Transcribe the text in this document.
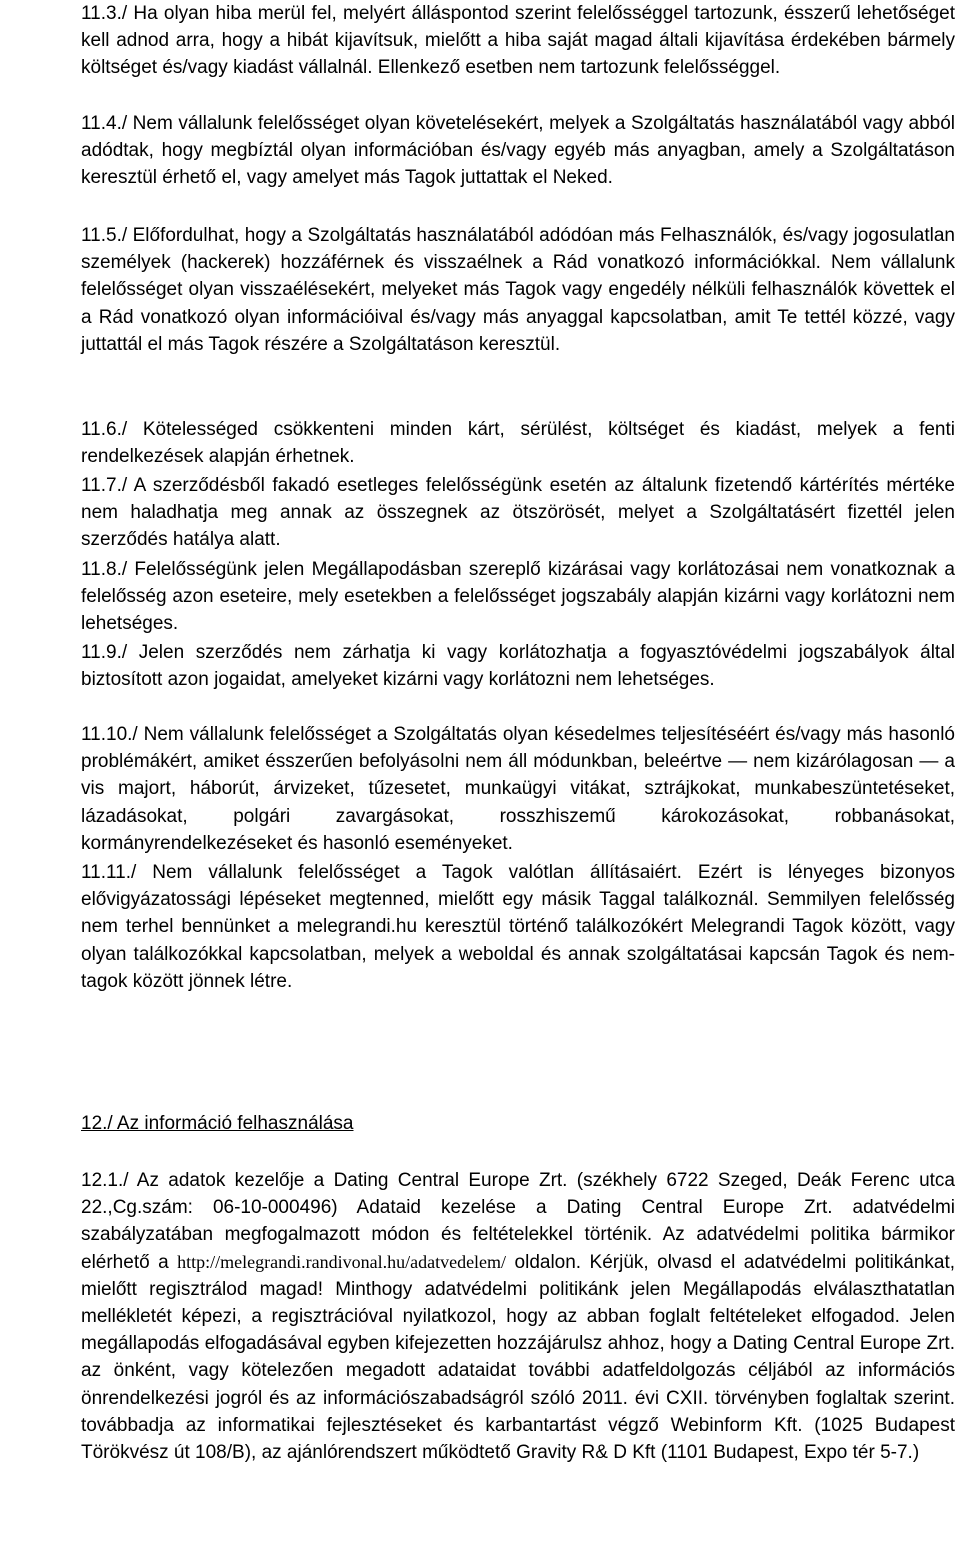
11.3./ Ha olyan hiba merül fel, melyért álláspontod szerint felelősséggel tartozunk, ésszerű lehetőséget kell adnod arra, hogy a hibát kijavítsuk, mielőtt a hiba saját magad általi kijavítása érdekében bármely költséget és/vagy kiadást vállalnál. Ellenkező esetben nem tartozunk felelősséggel.

11.4./ Nem vállalunk felelősséget olyan követelésekért, melyek a Szolgáltatás használatából vagy abból adódtak, hogy megbíztál olyan információban és/vagy egyéb más anyagban, amely a Szolgáltatáson keresztül érhető el, vagy amelyet más Tagok juttattak el Neked.

11.5./ Előfordulhat, hogy a Szolgáltatás használatából adódóan más Felhasználók, és/vagy jogosulatlan személyek (hackerek) hozzáférnek és visszaélnek a Rád vonatkozó információkkal. Nem vállalunk felelősséget olyan visszaélésekért, melyeket más Tagok vagy engedély nélküli felhasználók követtek el a Rád vonatkozó olyan információival és/vagy más anyaggal kapcsolatban, amit Te tettél közzé, vagy juttattál el más Tagok részére a Szolgáltatáson keresztül.

11.6./ Kötelességed csökkenteni minden kárt, sérülést, költséget és kiadást, melyek a fenti rendelkezések alapján érhetnek.

11.7./ A szerződésből fakadó esetleges felelősségünk esetén az általunk fizetendő kártérítés mértéke nem haladhatja meg annak az összegnek az ötszörösét, melyet a Szolgáltatásért fizettél jelen szerződés hatálya alatt.

11.8./ Felelősségünk jelen Megállapodásban szereplő kizárásai vagy korlátozásai nem vonatkoznak a felelősség azon eseteire, mely esetekben a felelősséget jogszabály alapján kizárni vagy korlátozni nem lehetséges.

11.9./ Jelen szerződés nem zárhatja ki vagy korlátozhatja a fogyasztóvédelmi jogszabályok által biztosított azon jogaidat, amelyeket kizárni vagy korlátozni nem lehetséges.

11.10./ Nem vállalunk felelősséget a Szolgáltatás olyan késedelmes teljesítéséért és/vagy más hasonló problémákért, amiket ésszerűen befolyásolni nem áll módunkban, beleértve — nem kizárólagosan — a vis majort, háborút, árvizeket, tűzesetet, munkaügyi vitákat, sztrájkokat, munkabeszüntetéseket, lázadásokat, polgári zavargásokat, rosszhiszemű károkozásokat, robbanásokat, kormányrendelkezéseket és hasonló eseményeket.

11.11./ Nem vállalunk felelősséget a Tagok valótlan állításaiért. Ezért is lényeges bizonyos elővigyázatossági lépéseket megtenned, mielőtt egy másik Taggal találkoznál. Semmilyen felelősség nem terhel bennünket a melegrandi.hu keresztül történő találkozókért Melegrandi Tagok között, vagy olyan találkozókkal kapcsolatban, melyek a weboldal és annak szolgáltatásai kapcsán Tagok és nem-tagok között jönnek létre.

12./ Az információ felhasználása

12.1./ Az adatok kezelője a Dating Central Europe Zrt. (székhely 6722 Szeged, Deák Ferenc utca 22.,Cg.szám: 06-10-000496) Adataid kezelése a Dating Central Europe Zrt. adatvédelmi szabályzatában megfogalmazott módon és feltételekkel történik. Az adatvédelmi politika bármikor elérhető a http://melegrandi.randivonal.hu/adatvedelem/ oldalon. Kérjük, olvasd el adatvédelmi politikánkat, mielőtt regisztrálod magad! Minthogy adatvédelmi politikánk jelen Megállapodás elválaszthatatlan mellékletét képezi, a regisztrációval nyilatkozol, hogy az abban foglalt feltételeket elfogadod. Jelen megállapodás elfogadásával egyben kifejezetten hozzájárulsz ahhoz, hogy a Dating Central Europe Zrt. az önként, vagy kötelezően megadott adataidat további adatfeldolgozás céljából az információs önrendelkezési jogról és az információszabadságról szóló 2011. évi CXII. törvényben foglaltak szerint. továbbadja az informatikai fejlesztéseket és karbantartást végző Webinform Kft. (1025 Budapest Törökvész út 108/B), az ajánlórendszert működtető Gravity R& D Kft (1101 Budapest, Expo tér 5-7.)
